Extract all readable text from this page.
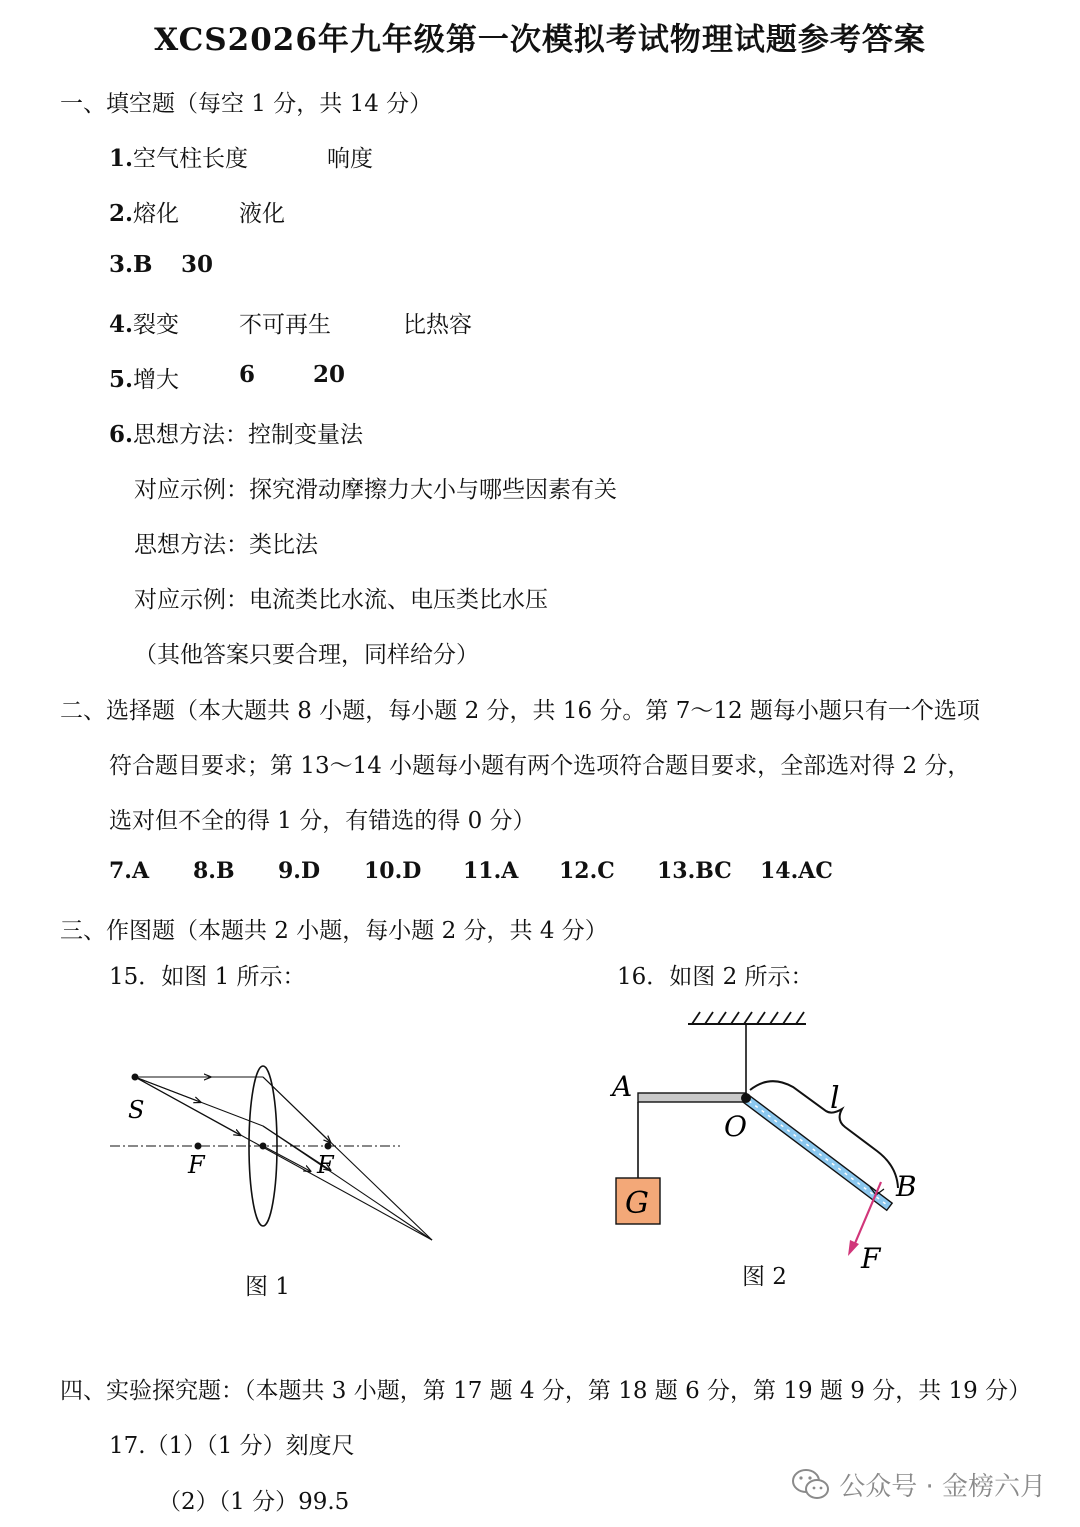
XCS2026年九年级第一次模拟考试物理试题参考答案
一、填空题（每空 1 分，共 14 分）
1.空气柱长度	响度
2.熔化	液化
3.B 30
4.裂变	不可再生	比热容
5.增大	6	20
6.思想方法：控制变量法
对应示例：探究滑动摩擦力大小与哪些因素有关
思想方法：类比法
对应示例：电流类比水流、电压类比水压
（其他答案只要合理，同样给分）
二、选择题（本大题共 8 小题，每小题 2 分，共 16 分。第 7～12 题每小题只有一个选项
符合题目要求；第 13～14 小题每小题有两个选项符合题目要求，全部选对得 2 分，
选对但不全的得 1 分，有错选的得 0 分）
7.A 8.B 9.D 10.D 11.A 12.C 13.BC 14.AC
三、作图题（本题共 2 小题，每小题 2 分，共 4 分）
15．如图 1 所示：	16．如图 2 所示：
S
F	F
图 1
A
O
l
B
G
F
图 2
四、实验探究题：（本题共 3 小题，第 17 题 4 分，第 18 题 6 分，第 19 题 9 分，共 19 分）
17.（1）（1 分）刻度尺
（2）（1 分）99.5	公众号 · 金榜六月
